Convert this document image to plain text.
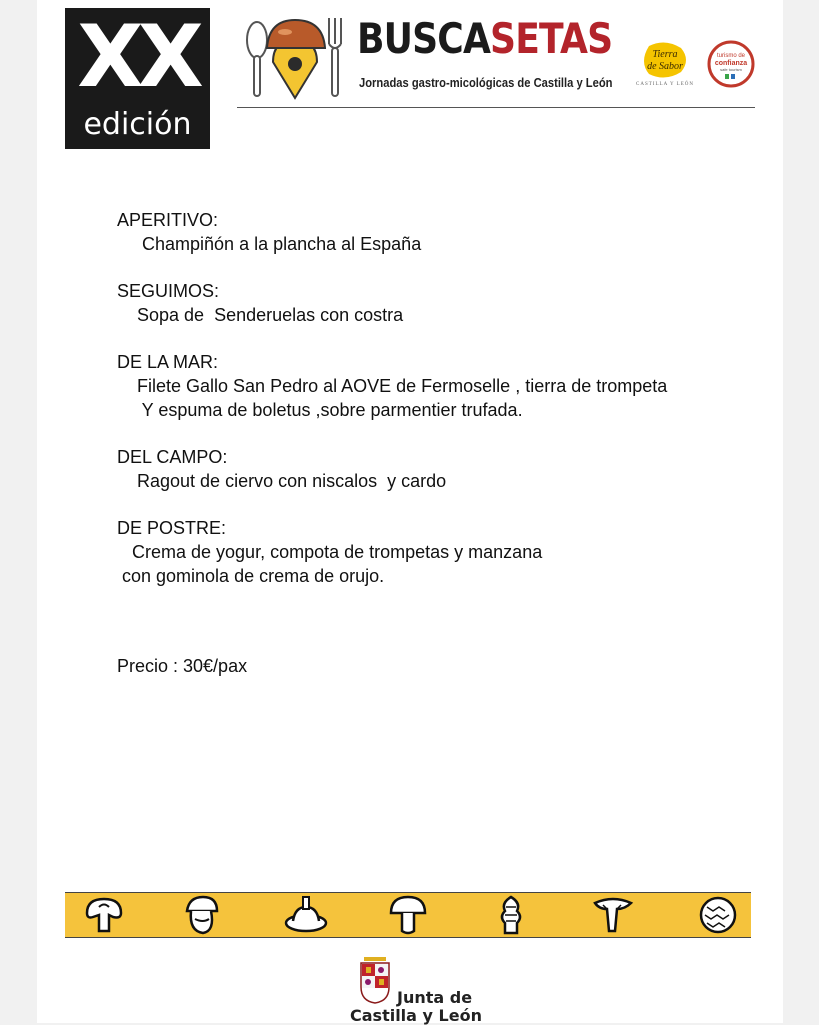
XX
edición
BUSCASETAS
Jornadas gastro-micológicas de Castilla y León
Tierra
de Sabor
CASTILLA Y LEÓN
turismo de
confianza
safe tourism
APERITIVO:
Champiñón a la plancha al España
SEGUIMOS:
Sopa de  Senderuelas con costra
DE LA MAR:
Filete Gallo San Pedro al AOVE de Fermoselle , tierra de trompeta
Y espuma de boletus ,sobre parmentier trufada.
DEL CAMPO:
Ragout de ciervo con niscalos  y cardo
DE POSTRE:
Crema de yogur, compota de trompetas y manzana
con gominola de crema de orujo.
Precio : 30€/pax
Junta de
Castilla y León
